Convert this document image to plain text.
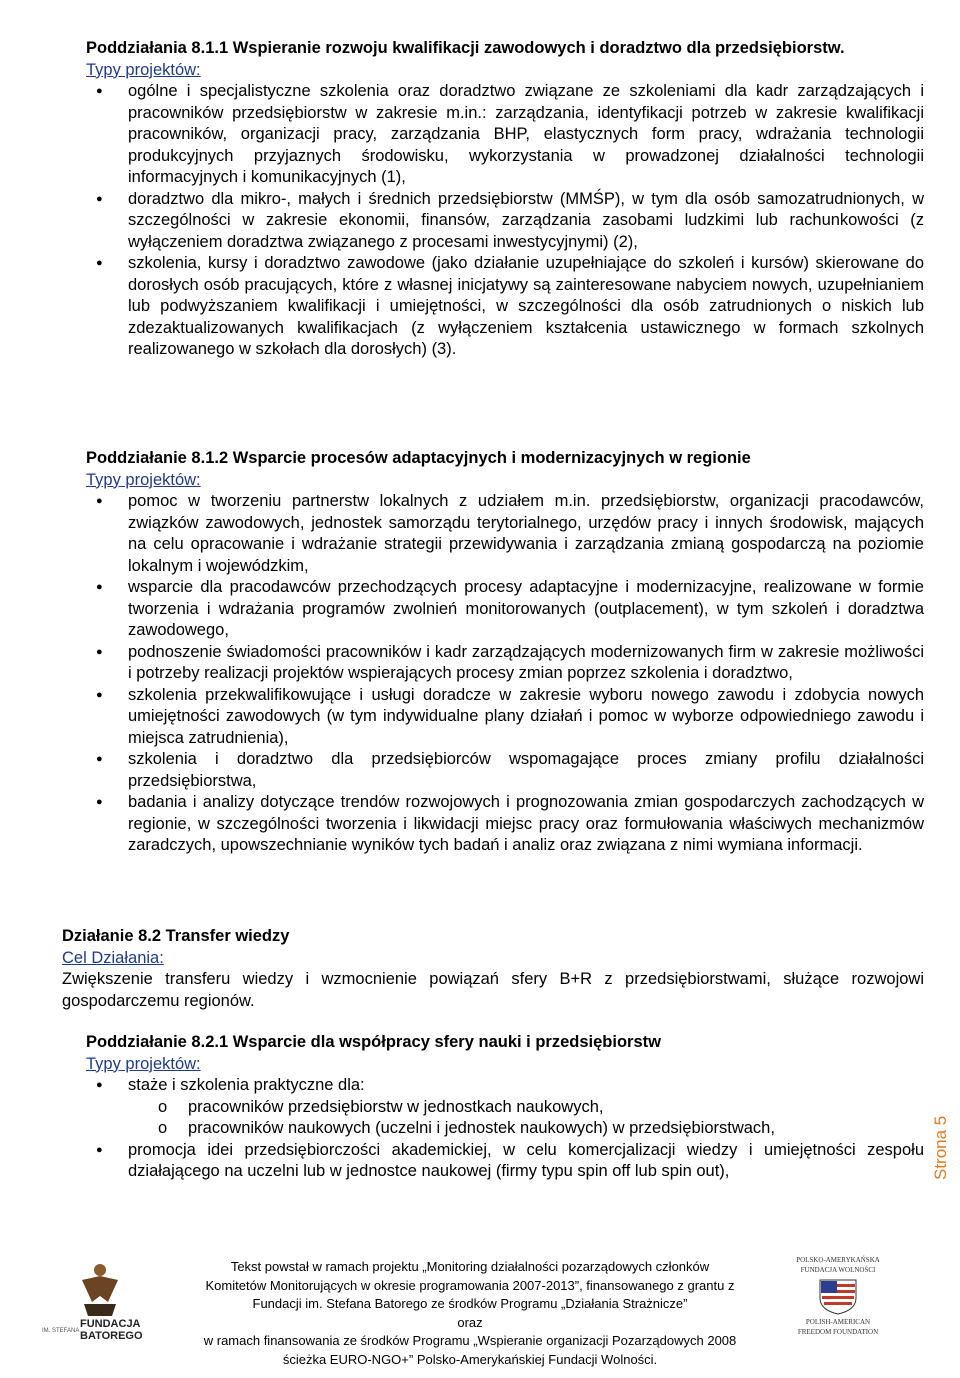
Poddziałania 8.1.1 Wspieranie rozwoju kwalifikacji zawodowych i doradztwo dla przedsiębiorstw.
Typy projektów:
● ogólne i specjalistyczne szkolenia oraz doradztwo związane ze szkoleniami dla kadr zarządzających i pracowników przedsiębiorstw w zakresie m.in.: zarządzania, identyfikacji potrzeb w zakresie kwalifikacji pracowników, organizacji pracy, zarządzania BHP, elastycznych form pracy, wdrażania technologii produkcyjnych przyjaznych środowisku, wykorzystania w prowadzonej działalności technologii informacyjnych i komunikacyjnych (1),
● doradztwo dla mikro-, małych i średnich przedsiębiorstw (MMŚP), w tym dla osób samozatrudnionych, w szczególności w zakresie ekonomii, finansów, zarządzania zasobami ludzkimi lub rachunkowości (z wyłączeniem doradztwa związanego z procesami inwestycyjnymi) (2),
● szkolenia, kursy i doradztwo zawodowe (jako działanie uzupełniające do szkoleń i kursów) skierowane do dorosłych osób pracujących, które z własnej inicjatywy są zainteresowane nabyciem nowych, uzupełnianiem lub podwyższaniem kwalifikacji i umiejętności, w szczególności dla osób zatrudnionych o niskich lub zdezaktualizowanych kwalifikacjach (z wyłączeniem kształcenia ustawicznego w formach szkolnych realizowanego w szkołach dla dorosłych) (3).
Poddziałanie 8.1.2 Wsparcie procesów adaptacyjnych i modernizacyjnych w regionie
Typy projektów:
● pomoc w tworzeniu partnerstw lokalnych z udziałem m.in. przedsiębiorstw, organizacji pracodawców, związków zawodowych, jednostek samorządu terytorialnego, urzędów pracy i innych środowisk, mających na celu opracowanie i wdrażanie strategii przewidywania i zarządzania zmianą gospodarczą na poziomie lokalnym i wojewódzkim,
● wsparcie dla pracodawców przechodzących procesy adaptacyjne i modernizacyjne, realizowane w formie tworzenia i wdrażania programów zwolnień monitorowanych (outplacement), w tym szkoleń i doradztwa zawodowego,
● podnoszenie świadomości pracowników i kadr zarządzających modernizowanych firm w zakresie możliwości i potrzeby realizacji projektów wspierających procesy zmian poprzez szkolenia i doradztwo,
● szkolenia przekwalifikowujące i usługi doradcze w zakresie wyboru nowego zawodu i zdobycia nowych umiejętności zawodowych (w tym indywidualne plany działań i pomoc w wyborze odpowiedniego zawodu i miejsca zatrudnienia),
● szkolenia i doradztwo dla przedsiębiorców wspomagające proces zmiany profilu działalności przedsiębiorstwa,
● badania i analizy dotyczące trendów rozwojowych i prognozowania zmian gospodarczych zachodzących w regionie, w szczególności tworzenia i likwidacji miejsc pracy oraz formułowania właściwych mechanizmów zaradczych, upowszechnianie wyników tych badań i analiz oraz związana z nimi wymiana informacji.
Działanie 8.2 Transfer wiedzy
Cel Działania:

Zwiększenie transferu wiedzy i wzmocnienie powiązań sfery B+R z przedsiębiorstwami, służące rozwojowi gospodarczemu regionów.

Poddziałanie 8.2.1 Wsparcie dla współpracy sfery nauki i przedsiębiorstw
Typy projektów:
● staże i szkolenia praktyczne dla:
o pracowników przedsiębiorstw w jednostkach naukowych,
o pracowników naukowych (uczelni i jednostek naukowych) w przedsiębiorstwach,
● promocja idei przedsiębiorczości akademickiej, w celu komercjalizacji wiedzy i umiejętności zespołu działającego na uczelni lub w jednostce naukowej (firmy typu spin off lub spin out),	Strona 5
IM. STEFANA
FUNDACJA
BATOREGO
Tekst powstał w ramach projektu „Monitoring działalności pozarządowych członków
Komitetów Monitorujących w okresie programowania 2007-2013”, finansowanego z grantu z
Fundacji im. Stefana Batorego ze środków Programu „Działania Strażnicze”
oraz
w ramach finansowania ze środków Programu „Wspieranie organizacji Pozarządowych 2008
ścieżka EURO-NGO+” Polsko-Amerykańskiej Fundacji Wolności.
POLSKO-AMERYKAŃSKA
FUNDACJA WOLNOŚCI
POLISH-AMERICAN
FREEDOM FOUNDATION
